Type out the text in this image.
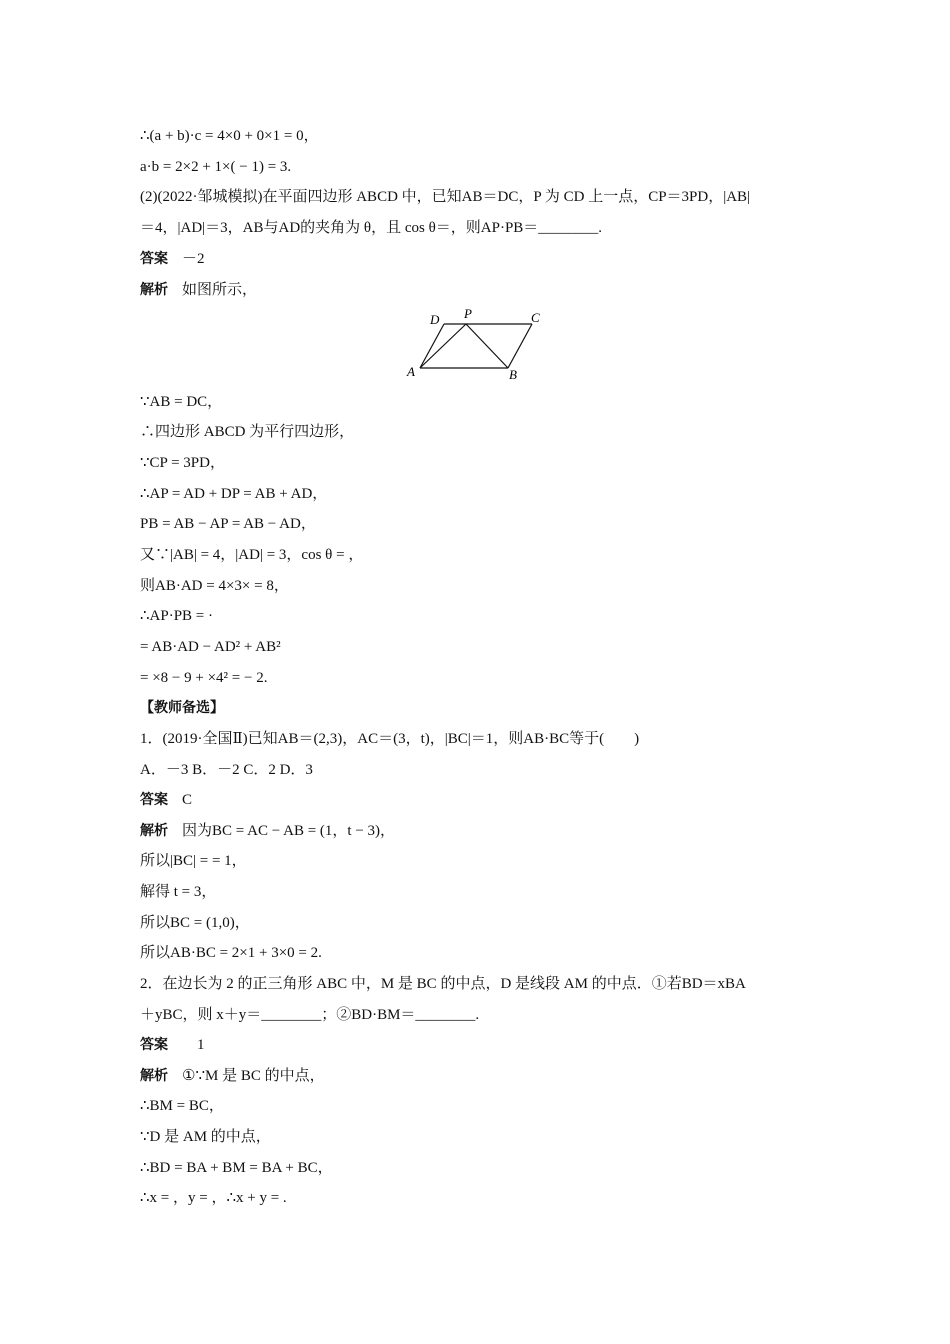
∴(a + b)·c = 4×0 + 0×1 = 0，
a·b = 2×2 + 1×( − 1) = 3.
(2)(2022·邹城模拟)在平面四边形 ABCD 中，已知AB＝DC，P 为 CD 上一点，CP＝3PD，|AB|
＝4，|AD|＝3，AB与AD的夹角为 θ，且 cos θ＝，则AP·PB＝________.
答案 －2
解析 如图所示，
D P	C
A	B
∵AB = DC，
∴四边形 ABCD 为平行四边形，
∵CP = 3PD，
∴AP = AD + DP = AB + AD，
PB = AB − AP = AB − AD，
又∵|AB| = 4，|AD| = 3，cos θ = ，
则AB·AD = 4×3× = 8，
∴AP·PB = ·
= AB·AD − AD² + AB²
= ×8 − 9 + ×4² = − 2.
【教师备选】
1．(2019·全国Ⅱ)已知AB＝(2,3)，AC＝(3，t)，|BC|＝1，则AB·BC等于(　　)
A．－3 B．－2 C．2 D．3
答案 C
解析 因为BC = AC − AB = (1，t − 3)，
所以|BC| = = 1，
解得 t = 3，
所以BC = (1,0)，
所以AB·BC = 2×1 + 3×0 = 2.
2．在边长为 2 的正三角形 ABC 中，M 是 BC 的中点，D 是线段 AM 的中点．①若BD＝xBA
＋yBC，则 x＋y＝________；②BD·BM＝________.
答案　1
解析 ①∵M 是 BC 的中点，
∴BM = BC，
∵D 是 AM 的中点，
∴BD = BA + BM = BA + BC，
∴x = ，y = ，∴x + y = .
